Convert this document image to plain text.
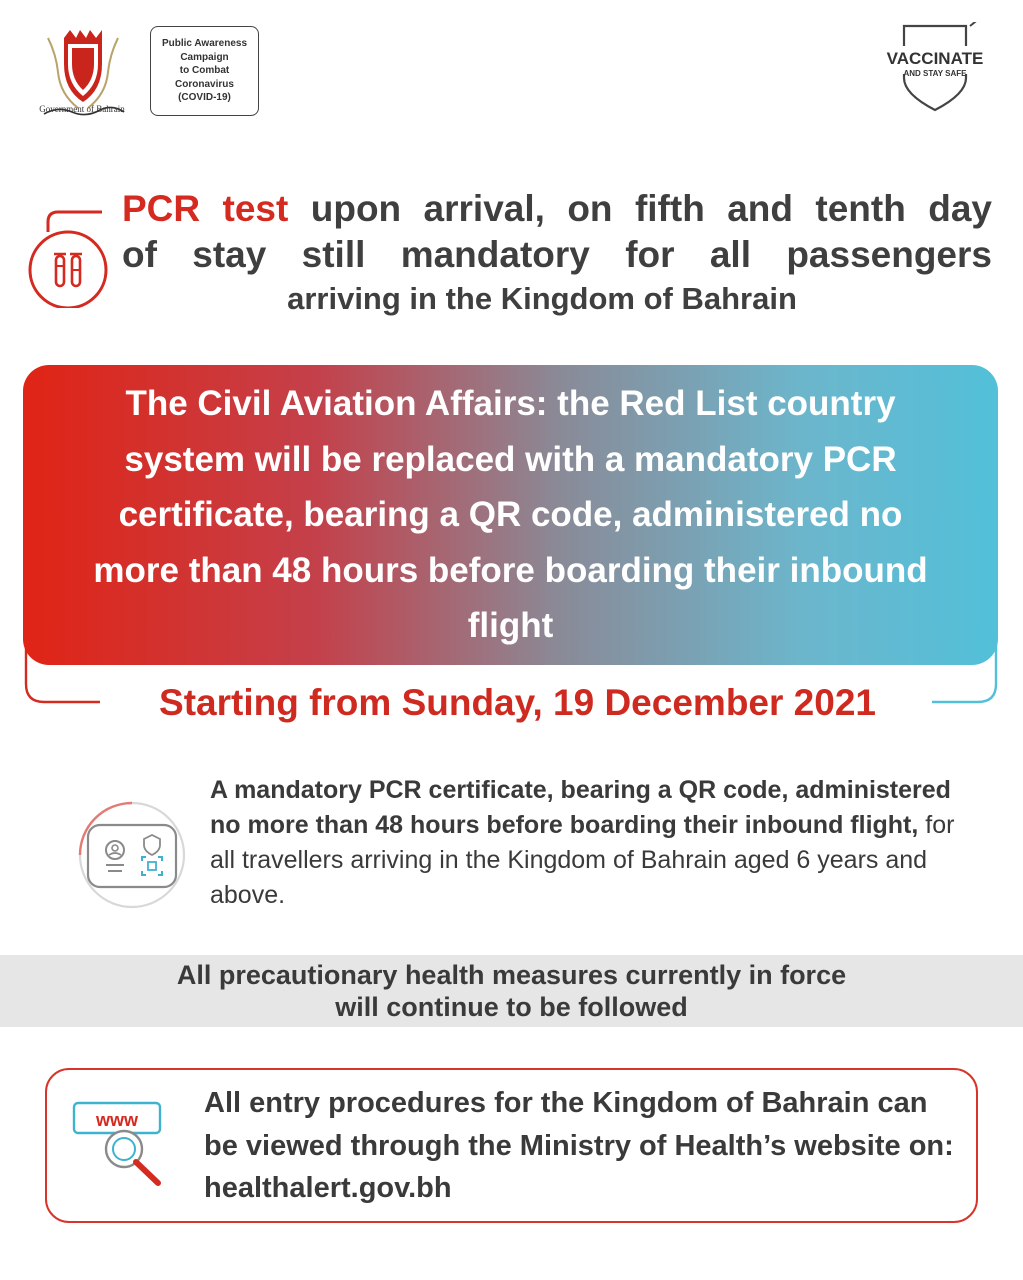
Government of Bahrain
Public Awareness
Campaign
to Combat
Coronavirus
(COVID-19)
VACCINATE
AND STAY SAFE
PCR test upon arrival, on fifth and tenth day
of stay still mandatory for all passengers
arriving in the Kingdom of Bahrain
The Civil Aviation Affairs: the Red List country system will be replaced with a mandatory PCR certificate, bearing a QR code, administered no more than 48 hours before boarding their inbound flight
Starting from Sunday, 19 December 2021
A mandatory PCR certificate, bearing a QR code, administered no more than 48 hours before boarding their inbound flight, for all travellers arriving in the Kingdom of Bahrain aged 6 years and above.
All precautionary health measures currently in force
will continue to be followed
www
All entry procedures for the Kingdom of Bahrain can be viewed through the Ministry of Health’s website on: healthalert.gov.bh
